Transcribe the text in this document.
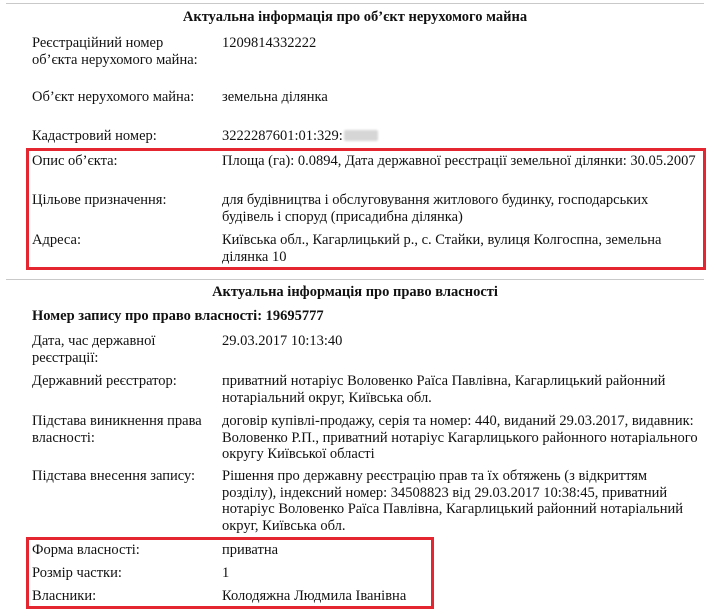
Актуальна інформація про об’єкт нерухомого майна
Реєстраційний номер об’єкта нерухомого майна:
1209814332222
Об’єкт нерухомого майна:	земельна ділянка
Кадастровий номер:	3222287601:01:329:
Опис об’єкта:	Площа (га): 0.0894, Дата державної реєстрації земельної ділянки: 30.05.2007
Цільове призначення:	для будівництва і обслуговування житлового будинку, господарських будівель і споруд (присадибна ділянка)
Адреса:	Київська обл., Кагарлицький р., с. Стайки, вулиця Колгоспна, земельна ділянка 10
Актуальна інформація про право власності
Номер запису про право власності: 19695777
Дата, час державної реєстрації:
29.03.2017 10:13:40
Державний реєстратор:	приватний нотаріус Воловенко Раїса Павлівна, Кагарлицький районний нотаріальний округ, Київська обл.
Підстава виникнення права власності:
договір купівлі-продажу, серія та номер: 440, виданий 29.03.2017, видавник: Воловенко Р.П., приватний нотаріус Кагарлицького районного нотаріального округу Київської області
Підстава внесення запису:	Рішення про державну реєстрацію прав та їх обтяжень (з відкриттям розділу), індексний номер: 34508823 від 29.03.2017 10:38:45, приватний нотаріус Воловенко Раїса Павлівна, Кагарлицький районний нотаріальний округ, Київська обл.
Форма власності:	приватна
Розмір частки:	1
Власники:	Колодяжна Людмила Іванівна
